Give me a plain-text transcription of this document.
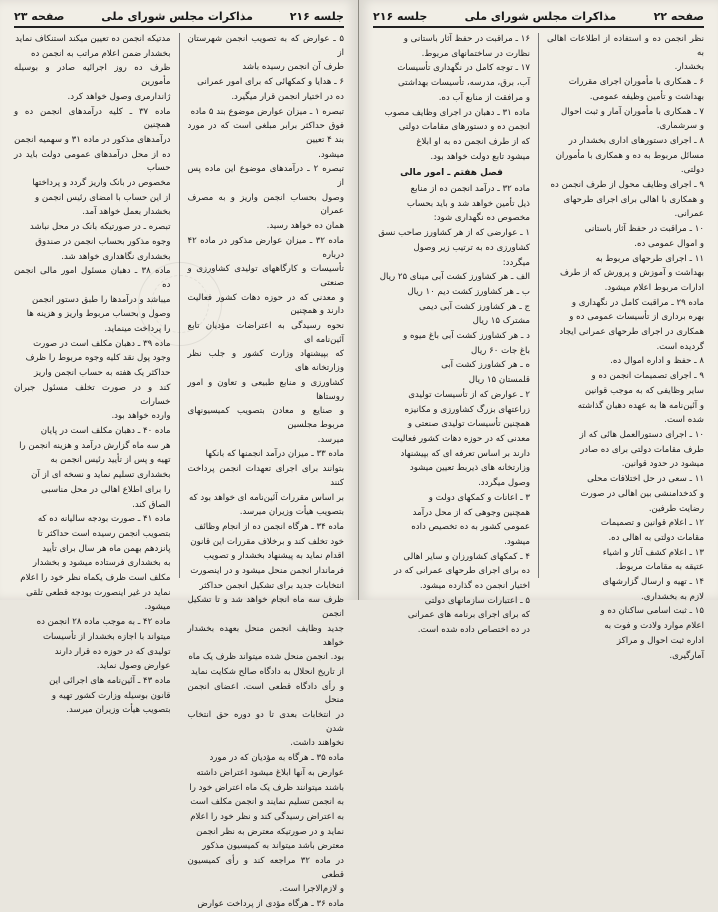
جلسه ۲۱۶
مذاکرات مجلس شورای ملی
صفحه ۲۳

۵ ـ عوارض که به تصویب انجمن شهرستان از

طرف آن انجمن رسیده باشد

۶ ـ هدایا و کمکهائی که برای امور عمرانی

ده در اختیار انجمن قرار میگیرد.

تبصره ۱ ـ میزان عوارض موضوع بند ۵ ماده

فوق حداکثر برابر مبلغی است که در مورد بند ۴ تعیین

میشود.

تبصره ۲ ـ درآمدهای موضوع این ماده پس از

وصول بحساب انجمن واریز و به مصرف عمران

همان ده خواهد رسید.

ماده ۳۲ ـ میزان عوارض مذکور در ماده ۴۲ درباره

تأسیسات و کارگاههای تولیدی کشاورزی و صنعتی

و معدنی که در حوزه دهات کشور فعالیت دارند و همچنین

نحوه رسیدگی به اعتراضات مؤدیان تابع آئین‌نامه ای

که بپیشنهاد وزارت کشور و جلب نظر وزارتخانه های

کشاورزی و منابع طبیعی و تعاون و امور روستاها

و صنایع و معادن بتصویب کمیسیونهای مربوط مجلسین

میرسد.

ماده ۳۳ ـ میزان درآمد انجمنها که بانکها

بتوانند برای اجرای تعهدات انجمن پرداخت کنند

بر اساس مقررات آئین‌نامه ای خواهد بود که

بتصویب هیأت وزیران میرسد.

ماده ۳۴ ـ هرگاه انجمن ده از انجام وظائف

خود تخلف کند و برخلاف مقررات این قانون

اقدام نماید به پیشنهاد بخشدار و تصویب

فرماندار انجمن منحل میشود و در اینصورت

انتخابات جدید برای تشکیل انجمن حداکثر

ظرف سه ماه انجام خواهد شد و تا تشکیل انجمن

جدید وظایف انجمن منحل بعهده بخشدار خواهد

بود. انجمن منحل شده میتواند ظرف یک ماه

از تاریخ انحلال به دادگاه صالح شکایت نماید

و رأی دادگاه قطعی است. اعضای انجمن منحل

در انتخابات بعدی تا دو دوره حق انتخاب شدن

نخواهند داشت.

ماده ۳۵ ـ هرگاه به مؤدیان که در مورد

عوارض به آنها ابلاغ میشود اعتراض داشته

باشند میتوانند ظرف یک ماه اعتراض خود را

به انجمن تسلیم نمایند و انجمن مکلف است

به اعتراض رسیدگی کند و نظر خود را اعلام

نماید و در صورتیکه معترض به نظر انجمن

معترض باشد میتواند به کمیسیون مذکور

در ماده ۳۲ مراجعه کند و رأی کمیسیون قطعی

و لازم‌الاجرا است.

ماده ۳۶ ـ هرگاه مؤدی از پرداخت عوارض

مدتیکه انجمن ده تعیین میکند استنکاف نماید

بخشدار ضمن اعلام مراتب به انجمن ده

ظرف ده روز اجرائیه صادر و بوسیله مأمورین

ژاندارمری وصول خواهد کرد.

ماده ۳۷ ـ کلیه درآمدهای انجمن ده و همچنین

درآمدهای مذکور در ماده ۳۱ و سهمیه انجمن

ده از محل درآمدهای عمومی دولت باید در حساب

مخصوص در بانک واریز گردد و پرداختها

از این حساب با امضای رئیس انجمن و

بخشدار بعمل خواهد آمد.

تبصره ـ در صورتیکه بانک در محل نباشد

وجوه مذکور بحساب انجمن در صندوق

بخشداری نگاهداری خواهد شد.

ماده ۳۸ ـ دهبان مسئول امور مالی انجمن ده

میباشد و درآمدها را طبق دستور انجمن

وصول و بحساب مربوط واریز و هزینه ها

را پرداخت مینماید.

ماده ۳۹ ـ دهبان مکلف است در صورت

وجود پول نقد کلیه وجوه مربوط را ظرف

حداکثر یک هفته به حساب انجمن واریز

کند و در صورت تخلف مسئول جبران خسارات

وارده خواهد بود.

ماده ۴۰ ـ دهبان مکلف است در پایان

هر سه ماه گزارش درآمد و هزینه انجمن را

تهیه و پس از تأیید رئیس انجمن به

بخشداری تسلیم نماید و نسخه ای از آن

را برای اطلاع اهالی در محل مناسبی

الصاق کند.

ماده ۴۱ ـ صورت بودجه سالیانه ده که

بتصویب انجمن رسیده است حداکثر تا

پانزدهم بهمن ماه هر سال برای تأیید

به بخشداری فرستاده میشود و بخشدار

مکلف است ظرف یکماه نظر خود را اعلام

نماید در غیر اینصورت بودجه قطعی تلقی

میشود.

ماده ۴۲ ـ به موجب ماده ۲۸ انجمن ده

میتواند با اجازه بخشدار از تأسیسات

تولیدی که در حوزه ده قرار دارند

عوارض وصول نماید.

ماده ۴۳ ـ آئین‌نامه های اجرائی این

قانون بوسیله وزارت کشور تهیه و

بتصویب هیأت وزیران میرسد.

صفحه ۲۲
مذاکرات مجلس شورای ملی
جلسه ۲۱۶

نظر انجمن ده و استفاده از اطلاعات اهالی به

بخشدار.

۶ ـ همکاری با مأموران اجرای مقررات

بهداشت و تأمین وظیفه عمومی.

۷ ـ همکاری با مأموران آمار و ثبت احوال

و سرشماری.

۸ ـ اجرای دستورهای اداری بخشدار در

مسائل مربوط به ده و همکاری با مأموران

دولتی.

۹ ـ اجرای وظایف محول از طرف انجمن ده

و همکاری با اهالی برای اجرای طرحهای

عمرانی.

۱۰ ـ مراقبت در حفظ آثار باستانی

و اموال عمومی ده.

۱۱ ـ اجرای طرحهای مربوط به

بهداشت و آموزش و پرورش که از طرف

ادارات مربوط اعلام میشود.

ماده ۲۹ ـ مراقبت کامل در نگهداری و

بهره برداری از تأسیسات عمومی ده و

همکاری در اجرای طرحهای عمرانی ایجاد

گردیده است.

۸ ـ حفظ و اداره اموال ده.

۹ ـ اجرای تصمیمات انجمن ده و

سایر وظایفی که به موجب قوانین

و آئین‌نامه ها به عهده دهبان گذاشته

شده است.

۱۰ ـ اجرای دستورالعمل هائی که از

طرف مقامات دولتی برای ده صادر

میشود در حدود قوانین.

۱۱ ـ سعی در حل اختلافات محلی

و کدخدامنشی بین اهالی در صورت

رضایت طرفین.

۱۲ ـ اعلام قوانین و تصمیمات

مقامات دولتی به اهالی ده.

۱۳ ـ اعلام کشف آثار و اشیاء

عتیقه به مقامات مربوط.

۱۴ ـ تهیه و ارسال گزارشهای

لازم به بخشداری.

۱۵ ـ ثبت اسامی ساکنان ده و

اعلام موارد ولادت و فوت به

اداره ثبت احوال و مراکز

آمارگیری.

۱۶ ـ مراقبت در حفظ آثار باستانی و

نظارت در ساختمانهای مربوط.

۱۷ ـ توجه کامل در نگهداری تأسیسات

آب، برق، مدرسه، تأسیسات بهداشتی

و مرافقت از منابع آب ده.

ماده ۳۱ ـ دهبان در اجرای وظایف مصوب

انجمن ده و دستورهای مقامات دولتی

که از طرف انجمن ده به او ابلاغ

میشود تابع دولت خواهد بود.

فصل هفتم ـ امور مالی

ماده ۳۲ ـ درآمد انجمن ده از منابع

ذیل تأمین خواهد شد و باید بحساب

مخصوص ده نگهداری شود:

۱ ـ عوارضی که از هر کشاورز صاحب نسق

کشاورزی ده به ترتیب زیر وصول

میگردد:

الف ـ هر کشاورز کشت آبی مینای ۲۵ ریال

ب ـ هر کشاورز کشت دیم ۱۰ ریال

ج ـ هر کشاورز کشت آبی دیمی

مشترک ۱۵ ریال

د ـ هر کشاورز کشت آبی باغ میوه و

باغ جات ۶۰ ریال

ه ـ هر کشاورز کشت آبی

قلمستان ۱۵ ریال

۲ ـ عوارض که از تأسیسات تولیدی

زراعتهای بزرگ کشاورزی و مکانیزه

همچنین تأسیسات تولیدی صنعتی و

معدنی که در حوزه دهات کشور فعالیت

دارند بر اساس تعرفه ای که بپیشنهاد

وزارتخانه های ذیربط تعیین میشود

وصول میگردد.

۳ ـ اعانات و کمکهای دولت و

همچنین وجوهی که از محل درآمد

عمومی کشور به ده تخصیص داده

میشود.

۴ ـ کمکهای کشاورزان و سایر اهالی

ده برای اجرای طرحهای عمرانی که در

اختیار انجمن ده گذارده میشود.

۵ ـ اعتبارات سازمانهای دولتی

که برای اجرای برنامه های عمرانی

در ده اختصاص داده شده است.
